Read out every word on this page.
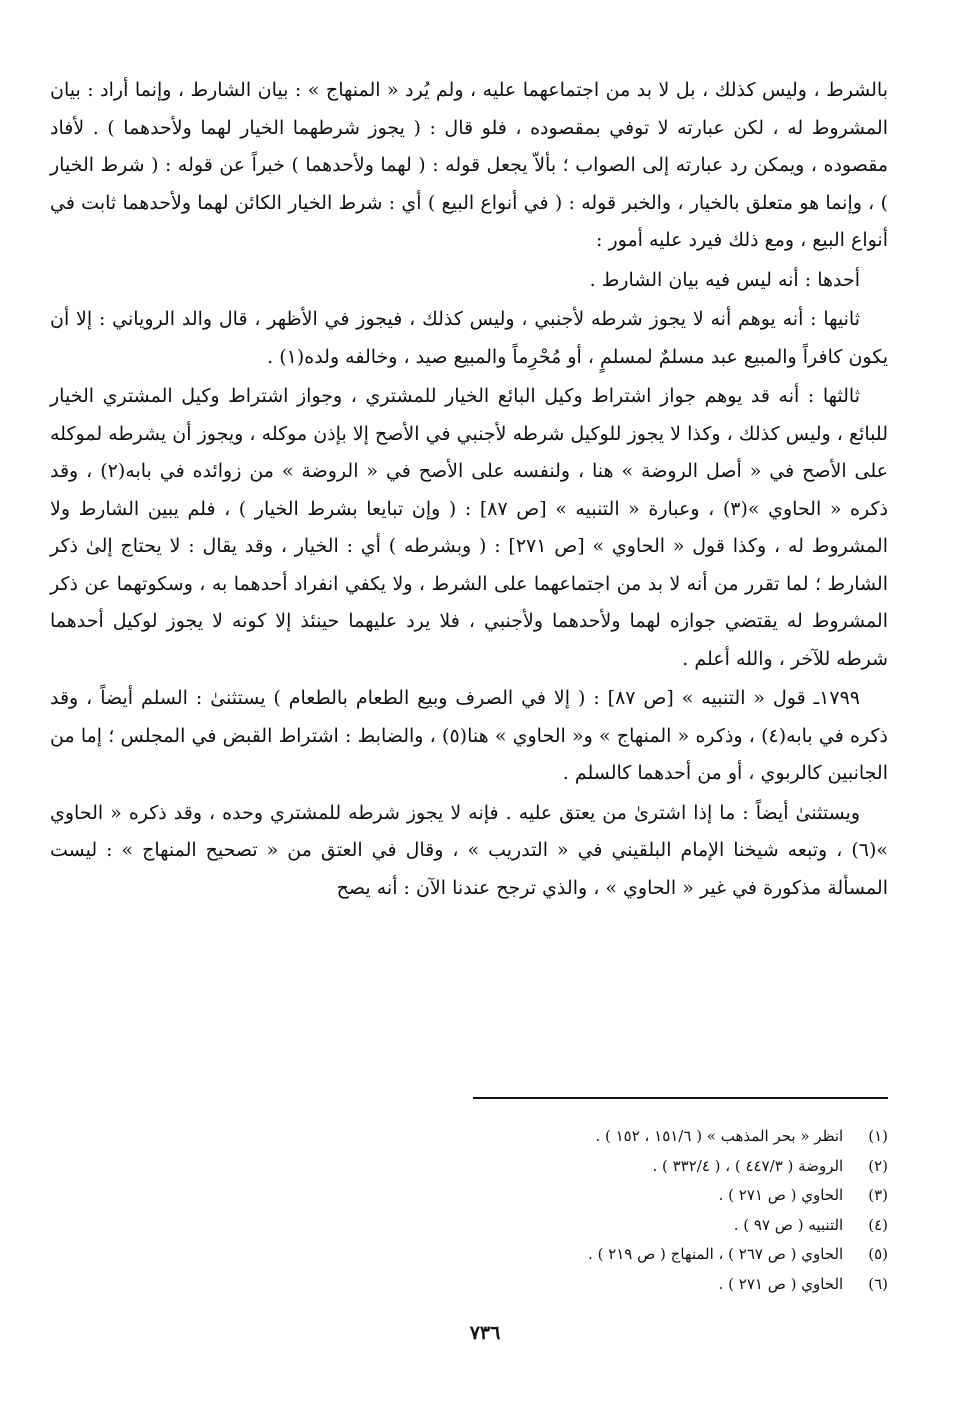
بالشرط ، وليس كذلك ، بل لا بد من اجتماعهما عليه ، ولم يُرد « المنهاج » : بيان الشارط ، وإنما أراد : بيان المشروط له ، لكن عبارته لا توفي بمقصوده ، فلو قال : ( يجوز شرطهما الخيار لهما ولأحدهما ) . لأفاد مقصوده ، ويمكن رد عبارته إلى الصواب ؛ بألاّ يجعل قوله : ( لهما ولأحدهما ) خبراً عن قوله : ( شرط الخيار ) ، وإنما هو متعلق بالخيار ، والخبر قوله : ( في أنواع البيع ) أي : شرط الخيار الكائن لهما ولأحدهما ثابت في أنواع البيع ، ومع ذلك فيرد عليه أمور :

أحدها : أنه ليس فيه بيان الشارط .

ثانيها : أنه يوهم أنه لا يجوز شرطه لأجنبي ، وليس كذلك ، فيجوز في الأظهر ، قال والد الروياني : إلا أن يكون كافراً والمبيع عبد مسلمٌ لمسلمٍ ، أو مُحْرِماً والمبيع صيد ، وخالفه ولده(١) .

ثالثها : أنه قد يوهم جواز اشتراط وكيل البائع الخيار للمشتري ، وجواز اشتراط وكيل المشتري الخيار للبائع ، وليس كذلك ، وكذا لا يجوز للوكيل شرطه لأجنبي في الأصح إلا بإذن موكله ، ويجوز أن يشرطه لموكله على الأصح في « أصل الروضة » هنا ، ولنفسه على الأصح في « الروضة » من زوائده في بابه(٢) ، وقد ذكره « الحاوي »(٣) ، وعبارة « التنبيه » [ص ٨٧] : ( وإن تبايعا بشرط الخيار ) ، فلم يبين الشارط ولا المشروط له ، وكذا قول « الحاوي » [ص ٢٧١] : ( وبشرطه ) أي : الخيار ، وقد يقال : لا يحتاج إلىٰ ذكر الشارط ؛ لما تقرر من أنه لا بد من اجتماعهما على الشرط ، ولا يكفي انفراد أحدهما به ، وسكوتهما عن ذكر المشروط له يقتضي جوازه لهما ولأحدهما ولأجنبي ، فلا يرد عليهما حينئذ إلا كونه لا يجوز لوكيل أحدهما شرطه للآخر ، والله أعلم .

١٧٩٩ـ قول « التنبيه » [ص ٨٧] : ( إلا في الصرف وبيع الطعام بالطعام ) يستثنىٰ : السلم أيضاً ، وقد ذكره في بابه(٤) ، وذكره « المنهاج » و« الحاوي » هنا(٥) ، والضابط : اشتراط القبض في المجلس ؛ إما من الجانبين كالربوي ، أو من أحدهما كالسلم .

ويستثنىٰ أيضاً : ما إذا اشترىٰ من يعتق عليه . فإنه لا يجوز شرطه للمشتري وحده ، وقد ذكره « الحاوي »(٦) ، وتبعه شيخنا الإمام البلقيني في « التدريب » ، وقال في العتق من « تصحيح المنهاج » : ليست المسألة مذكورة في غير « الحاوي » ، والذي ترجح عندنا الآن : أنه يصح

(١) انظر « بحر المذهب » ( ١٥١/٦ ، ١٥٢ ) .
(٢) الروضة ( ٤٤٧/٣ ) ، ( ٣٣٢/٤ ) .
(٣) الحاوي ( ص ٢٧١ ) .
(٤) التنبيه ( ص ٩٧ ) .
(٥) الحاوي ( ص ٢٦٧ ) ، المنهاج ( ص ٢١٩ ) .
(٦) الحاوي ( ص ٢٧١ ) .
٧٣٦
